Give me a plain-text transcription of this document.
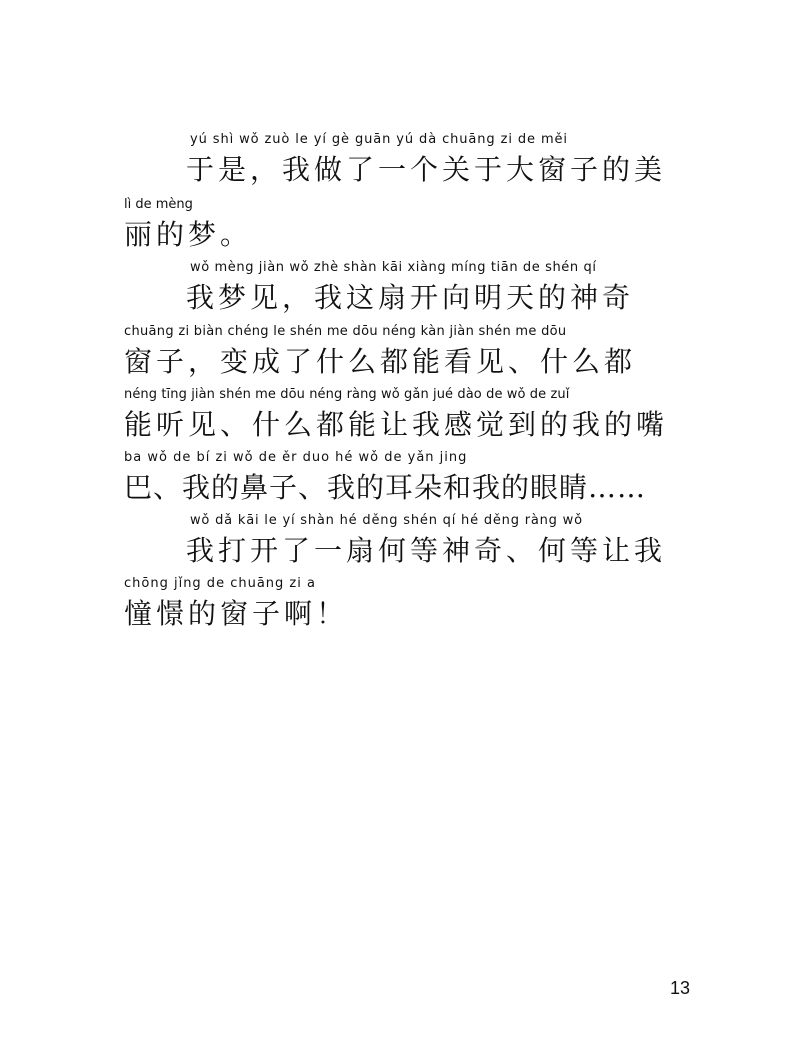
yú shì wǒ zuò le yí gè guān yú dà chuāng zi de měi
于是，我做了一个关于大窗子的美
lì de mèng
丽的梦。
wǒ mèng jiàn wǒ zhè shàn kāi xiàng míng tiān de shén qí
我梦见，我这扇开向明天的神奇
chuāng zi biàn chéng le shén me dōu néng kàn jiàn shén me dōu
窗子，变成了什么都能看见、什么都
néng tīng jiàn shén me dōu néng ràng wǒ gǎn jué dào de wǒ de zuǐ
能听见、什么都能让我感觉到的我的嘴
ba wǒ de bí zi wǒ de ěr duo hé wǒ de yǎn jing
巴、我的鼻子、我的耳朵和我的眼睛……
wǒ dǎ kāi le yí shàn hé děng shén qí hé děng ràng wǒ
我打开了一扇何等神奇、何等让我
chōng jǐng de chuāng zi a
憧憬的窗子啊！
13
